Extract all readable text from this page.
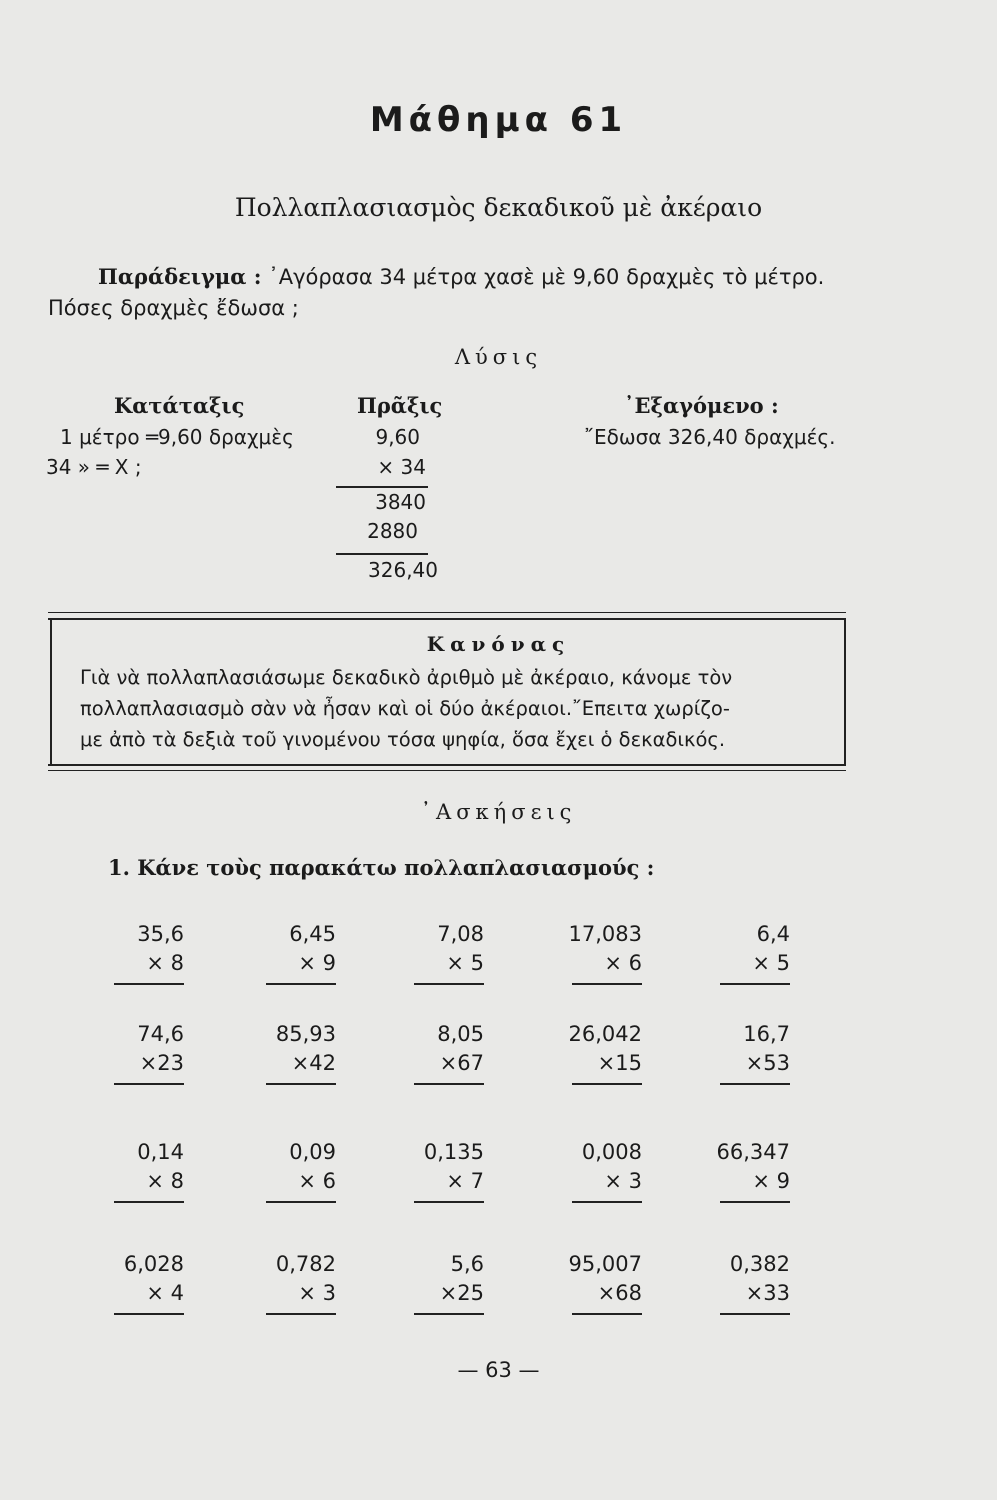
Μάθημα 61
Πολλαπλασιασμὸς δεκαδικοῦ μὲ ἀκέραιο
Παράδειγμα : ᾿Αγόρασα 34 μέτρα χασὲ μὲ 9,60 δραχμὲς τὸ μέτρο.
Πόσες δραχμὲς ἔδωσα ;
Λύσις
Κατάταξις	Πρᾶξις	᾿Εξαγόμενο :
1 μέτρο ═9,60 δραχμὲς
34 » ═ X ;
9,60
× 34
3840
2880
326,40
῎Εδωσα 326,40 δραχμές.
Κανόνας
Γιὰ νὰ πολλαπλασιάσωμε δεκαδικὸ ἀριθμὸ μὲ ἀκέραιο, κάνομε τὸν
πολλαπλασιασμὸ σὰν νὰ ἦσαν καὶ οἱ δύο ἀκέραιοι.῎Επειτα χωρίζο-
με ἀπὸ τὰ δεξιὰ τοῦ γινομένου τόσα ψηφία, ὅσα ἔχει ὁ δεκαδικός.
᾿Ασκήσεις
1. Κάνε τοὺς παρακάτω πολλαπλασιασμούς :
35,6
× 8
6,45
× 9
7,08
× 5
17,083
× 6
6,4
× 5
74,6
×23
85,93
×42
8,05
×67
26,042
×15
16,7
×53
0,14
× 8
0,09
× 6
0,135
× 7
0,008
× 3
66,347
× 9
6,028
× 4
0,782
× 3
5,6
×25
95,007
×68
0,382
×33
— 63 —
